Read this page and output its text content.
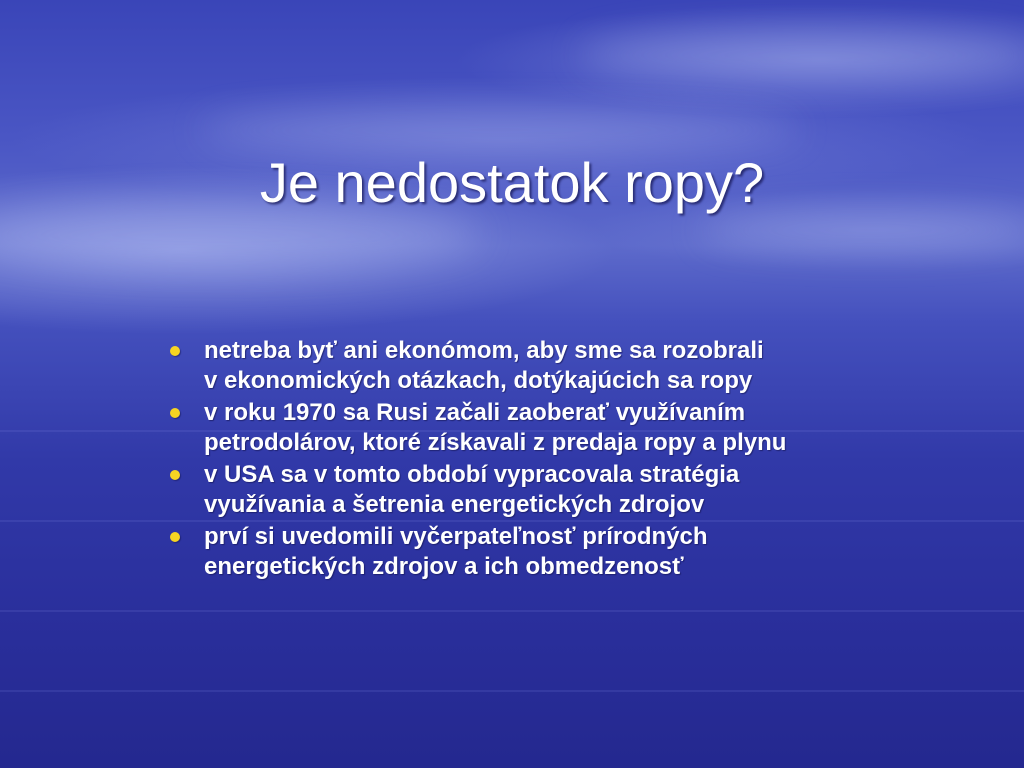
Je nedostatok ropy?
netreba byť ani ekonómom, aby sme sa rozobrali
v ekonomických otázkach, dotýkajúcich sa ropy
v roku 1970 sa Rusi začali zaoberať využívaním
petrodolárov, ktoré získavali z predaja ropy a plynu
v USA sa v tomto období vypracovala stratégia
využívania a šetrenia energetických zdrojov
prví si uvedomili vyčerpateľnosť prírodných
energetických zdrojov a ich obmedzenosť
